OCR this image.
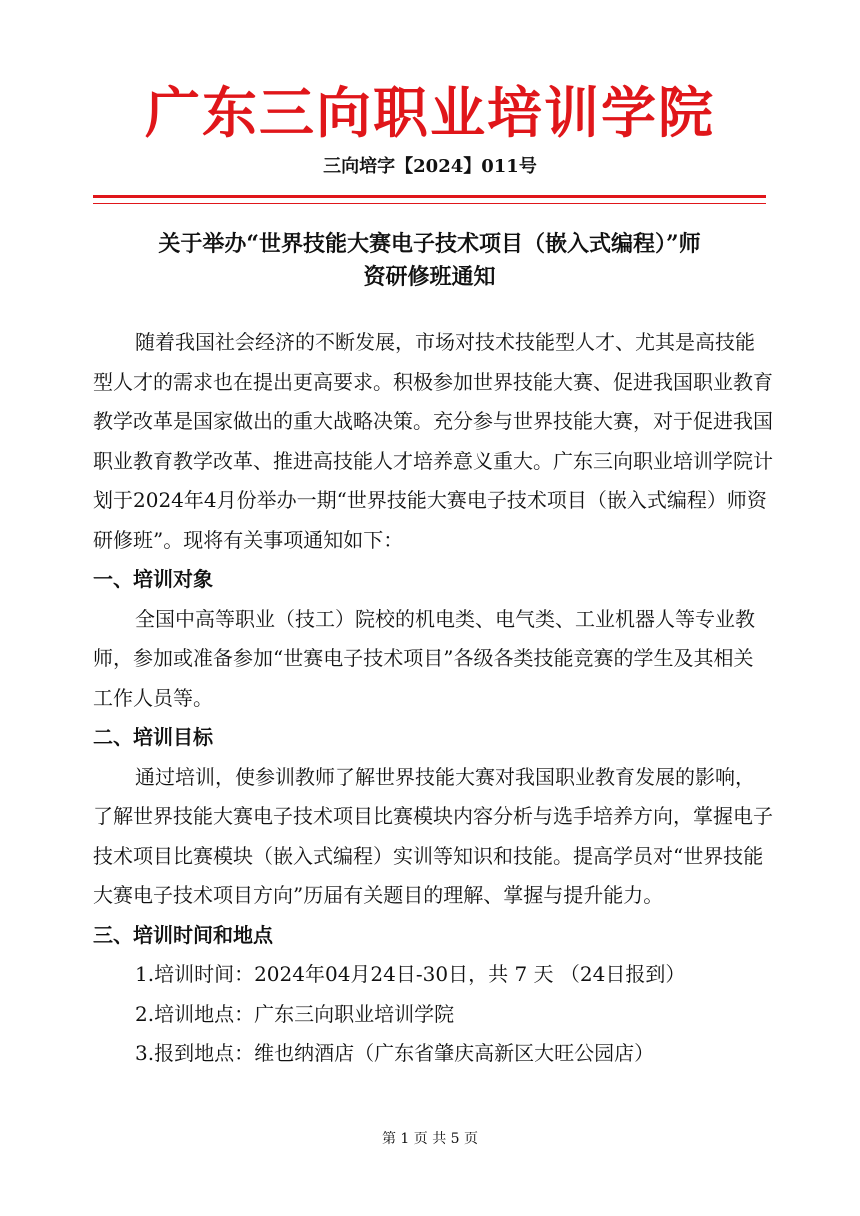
广东三向职业培训学院
三向培字【2024】011号
关于举办“世界技能大赛电子技术项目（嵌入式编程）”师
资研修班通知

随着我国社会经济的不断发展，市场对技术技能型人才、尤其是高技能型人才的需求也在提出更高要求。积极参加世界技能大赛、促进我国职业教育教学改革是国家做出的重大战略决策。充分参与世界技能大赛，对于促进我国职业教育教学改革、推进高技能人才培养意义重大。广东三向职业培训学院计划于2024年4月份举办一期“世界技能大赛电子技术项目（嵌入式编程）师资研修班”。现将有关事项通知如下：

一、培训对象

全国中高等职业（技工）院校的机电类、电气类、工业机器人等专业教师，参加或准备参加“世赛电子技术项目”各级各类技能竞赛的学生及其相关工作人员等。

二、培训目标

通过培训，使参训教师了解世界技能大赛对我国职业教育发展的影响，了解世界技能大赛电子技术项目比赛模块内容分析与选手培养方向，掌握电子技术项目比赛模块（嵌入式编程）实训等知识和技能。提高学员对“世界技能大赛电子技术项目方向”历届有关题目的理解、掌握与提升能力。

三、培训时间和地点

1.培训时间：2024年04月24日-30日，共 7 天 （24日报到）

2.培训地点：广东三向职业培训学院

3.报到地点：维也纳酒店（广东省肇庆高新区大旺公园店）

第 1 页 共 5 页
